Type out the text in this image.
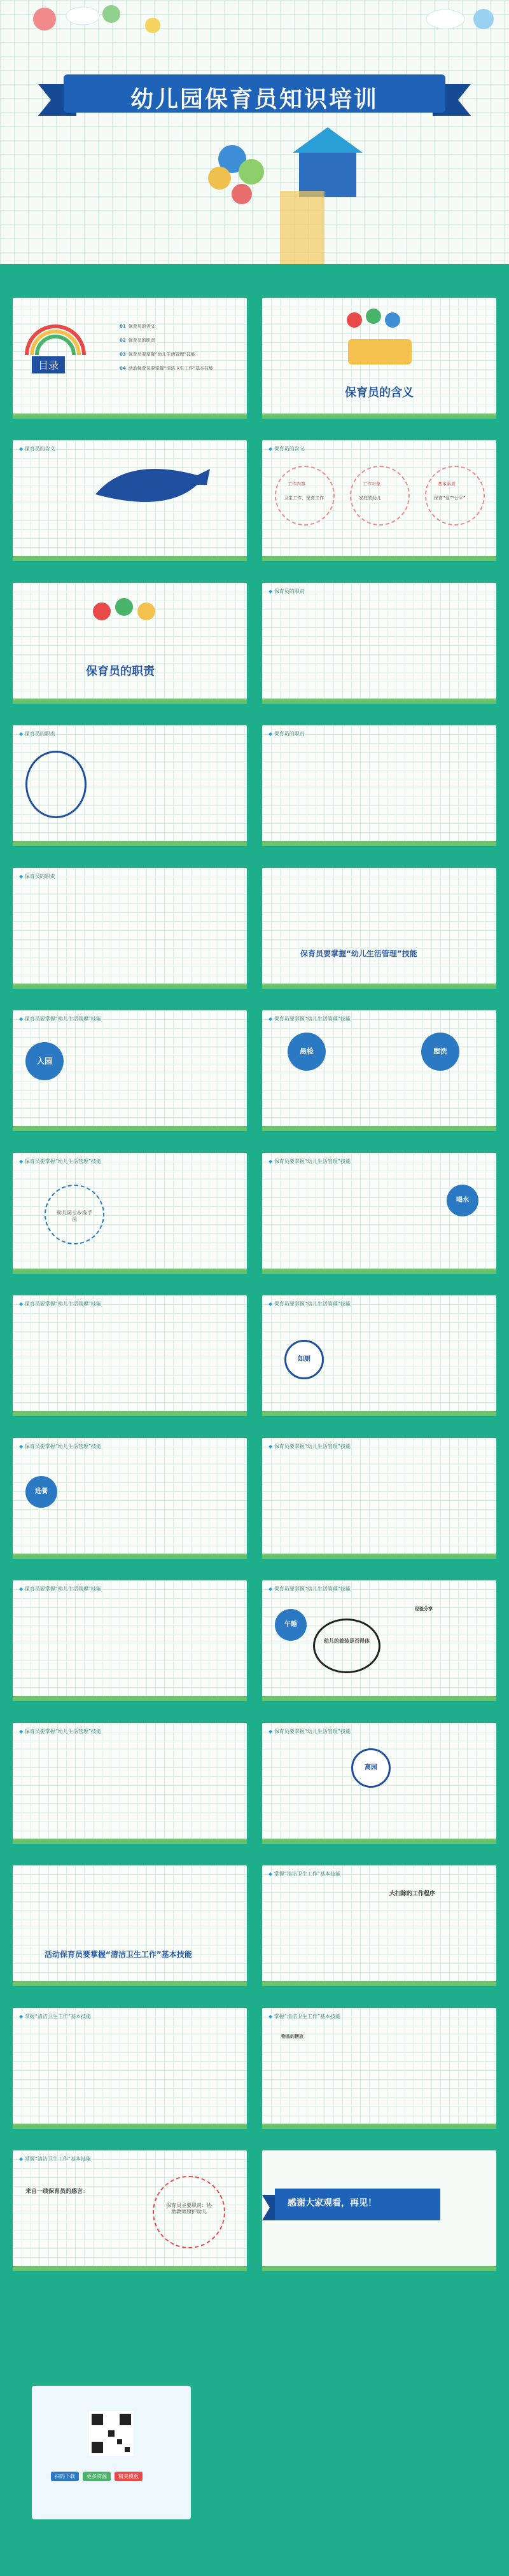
幼儿园保育员知识培训
目录
01 保育员的含义
02 保育员的职责
03 保育员要掌握“幼儿生活管理”技能
04 活动保育员要掌握“清洁卫生工作”基本技能
保育员的含义
◆ 保育员的含义	◆ 保育员的含义
工作内容
卫生工作、保育工作
工作对象
家庭的幼儿
基本素质
保育“爱”“公平”
保育员的职责
◆ 保育员的职责
◆ 保育员的职责	◆ 保育员的职责
◆ 保育员的职责
保育员要掌握“幼儿生活管理”技能
◆ 保育员要掌握“幼儿生活管理”技能
入园
◆ 保育员要掌握“幼儿生活管理”技能
晨检	盥洗
◆ 保育员要掌握“幼儿生活管理”技能
幼儿园七步洗手法
◆ 保育员要掌握“幼儿生活管理”技能
喝水
◆ 保育员要掌握“幼儿生活管理”技能	◆ 保育员要掌握“幼儿生活管理”技能
如厕
◆ 保育员要掌握“幼儿生活管理”技能
进餐
◆ 保育员要掌握“幼儿生活管理”技能
◆ 保育员要掌握“幼儿生活管理”技能	◆ 保育员要掌握“幼儿生活管理”技能
午睡
幼儿的着装是否得体
经验分享
◆ 保育员要掌握“幼儿生活管理”技能	◆ 保育员要掌握“幼儿生活管理”技能
离园
活动保育员要掌握“清洁卫生工作”基本技能
◆ 掌握“清洁卫生工作”基本技能
大扫除的工作程序
◆ 掌握“清洁卫生工作”基本技能	◆ 掌握“清洁卫生工作”基本技能
物品的摆放
◆ 掌握“清洁卫生工作”基本技能
来自一线保育员的感言：
保育员主要职责：协助教师照护幼儿
感谢大家观看，再见！
扫码下载	更多资源	精美模板
